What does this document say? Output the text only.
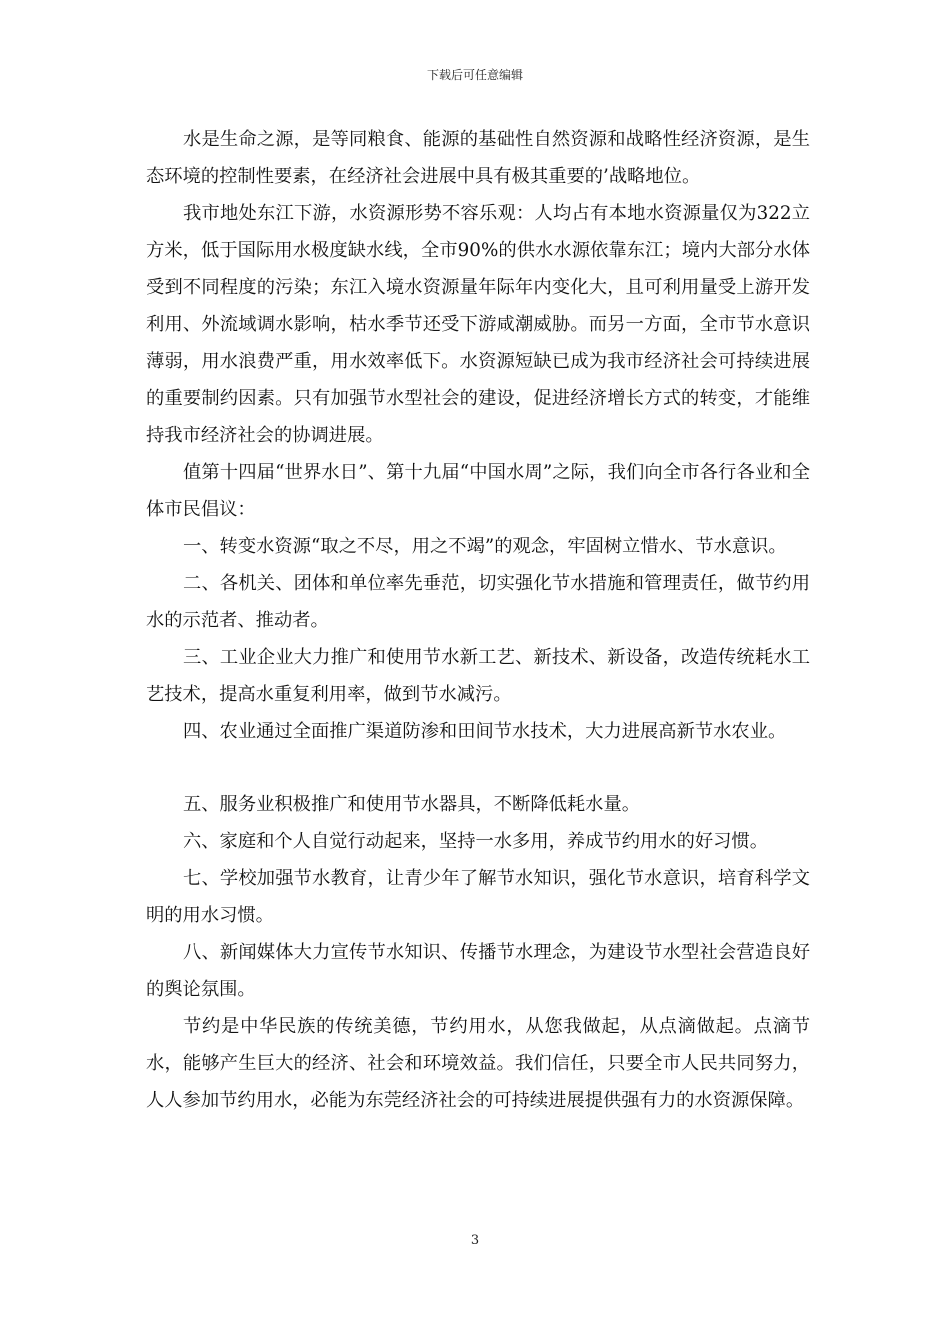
下载后可任意编辑

水是生命之源，是等同粮食、能源的基础性自然资源和战略性经济资源，是生态环境的控制性要素，在经济社会进展中具有极其重要的’战略地位。

我市地处东江下游，水资源形势不容乐观：人均占有本地水资源量仅为322立方米，低于国际用水极度缺水线，全市90%的供水水源依靠东江；境内大部分水体受到不同程度的污染；东江入境水资源量年际年内变化大，且可利用量受上游开发利用、外流域调水影响，枯水季节还受下游咸潮威胁。而另一方面，全市节水意识薄弱，用水浪费严重，用水效率低下。水资源短缺已成为我市经济社会可持续进展的重要制约因素。只有加强节水型社会的建设，促进经济增长方式的转变，才能维持我市经济社会的协调进展。

值第十四届“世界水日”、第十九届“中国水周”之际，我们向全市各行各业和全体市民倡议：

一、转变水资源“取之不尽，用之不竭”的观念，牢固树立惜水、节水意识。

二、各机关、团体和单位率先垂范，切实强化节水措施和管理责任，做节约用水的示范者、推动者。

三、工业企业大力推广和使用节水新工艺、新技术、新设备，改造传统耗水工艺技术，提高水重复利用率，做到节水减污。

四、农业通过全面推广渠道防渗和田间节水技术，大力进展高新节水农业。

五、服务业积极推广和使用节水器具，不断降低耗水量。

六、家庭和个人自觉行动起来，坚持一水多用，养成节约用水的好习惯。

七、学校加强节水教育，让青少年了解节水知识，强化节水意识，培育科学文明的用水习惯。

八、新闻媒体大力宣传节水知识、传播节水理念，为建设节水型社会营造良好的舆论氛围。

节约是中华民族的传统美德，节约用水，从您我做起，从点滴做起。点滴节水，能够产生巨大的经济、社会和环境效益。我们信任，只要全市人民共同努力，人人参加节约用水，必能为东莞经济社会的可持续进展提供强有力的水资源保障。

3
